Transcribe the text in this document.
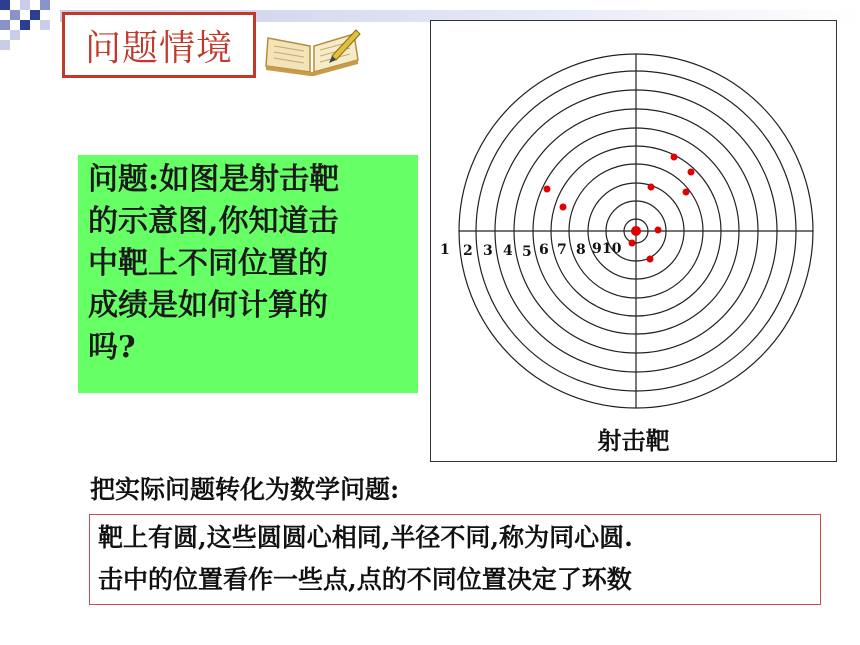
问题情境

问题:如图是射击靶
的示意图,你知道击
中靶上不同位置的
成绩是如何计算的
吗?

1 2 3 4 5 6 7 8 9 10
射击靶
把实际问题转化为数学问题:
靶上有圆,这些圆圆心相同,半径不同,称为同心圆.
击中的位置看作一些点,点的不同位置决定了环数
